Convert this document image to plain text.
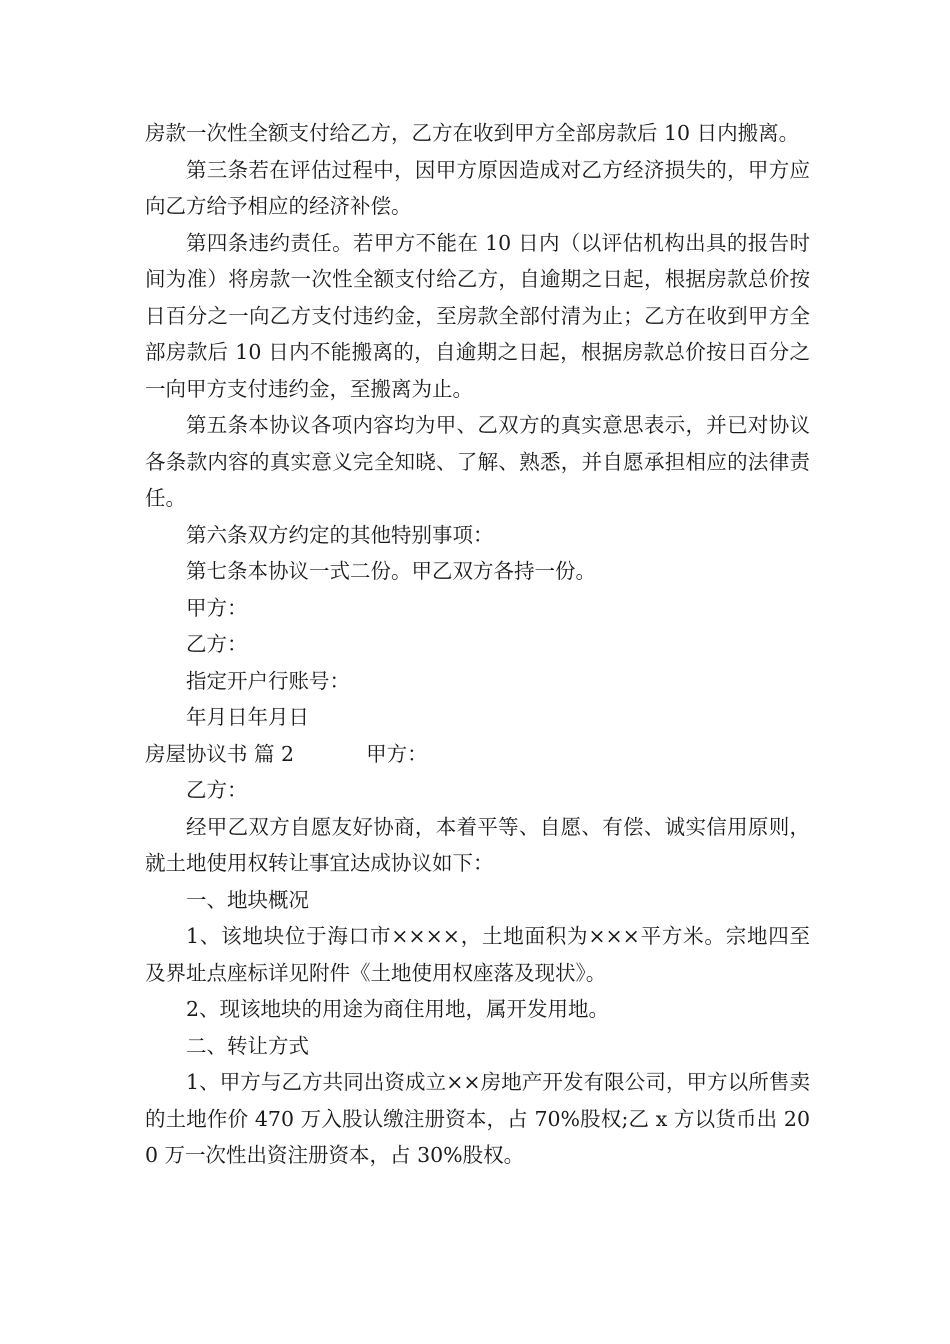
房款一次性全额支付给乙方，乙方在收到甲方全部房款后 10 日内搬离。

第三条若在评估过程中，因甲方原因造成对乙方经济损失的，甲方应向乙方给予相应的经济补偿。

第四条违约责任。若甲方不能在 10 日内（以评估机构出具的报告时间为准）将房款一次性全额支付给乙方，自逾期之日起，根据房款总价按日百分之一向乙方支付违约金，至房款全部付清为止；乙方在收到甲方全部房款后 10 日内不能搬离的，自逾期之日起，根据房款总价按日百分之一向甲方支付违约金，至搬离为止。

第五条本协议各项内容均为甲、乙双方的真实意思表示，并已对协议各条款内容的真实意义完全知晓、了解、熟悉，并自愿承担相应的法律责任。

第六条双方约定的其他特别事项：

第七条本协议一式二份。甲乙双方各持一份。

甲方：

乙方：

指定开户行账号：

年月日年月日

房屋协议书 篇 2	甲方：

乙方：

经甲乙双方自愿友好协商，本着平等、自愿、有偿、诚实信用原则，就土地使用权转让事宜达成协议如下：

一、地块概况

1、该地块位于海口市××××，土地面积为×××平方米。宗地四至及界址点座标详见附件《土地使用权座落及现状》。

2、现该地块的用途为商住用地，属开发用地。

二、转让方式

1、甲方与乙方共同出资成立××房地产开发有限公司，甲方以所售卖的土地作价 470 万入股认缴注册资本，占 70%股权;乙 x 方以货币出 200 万一次性出资注册资本，占 30%股权。
